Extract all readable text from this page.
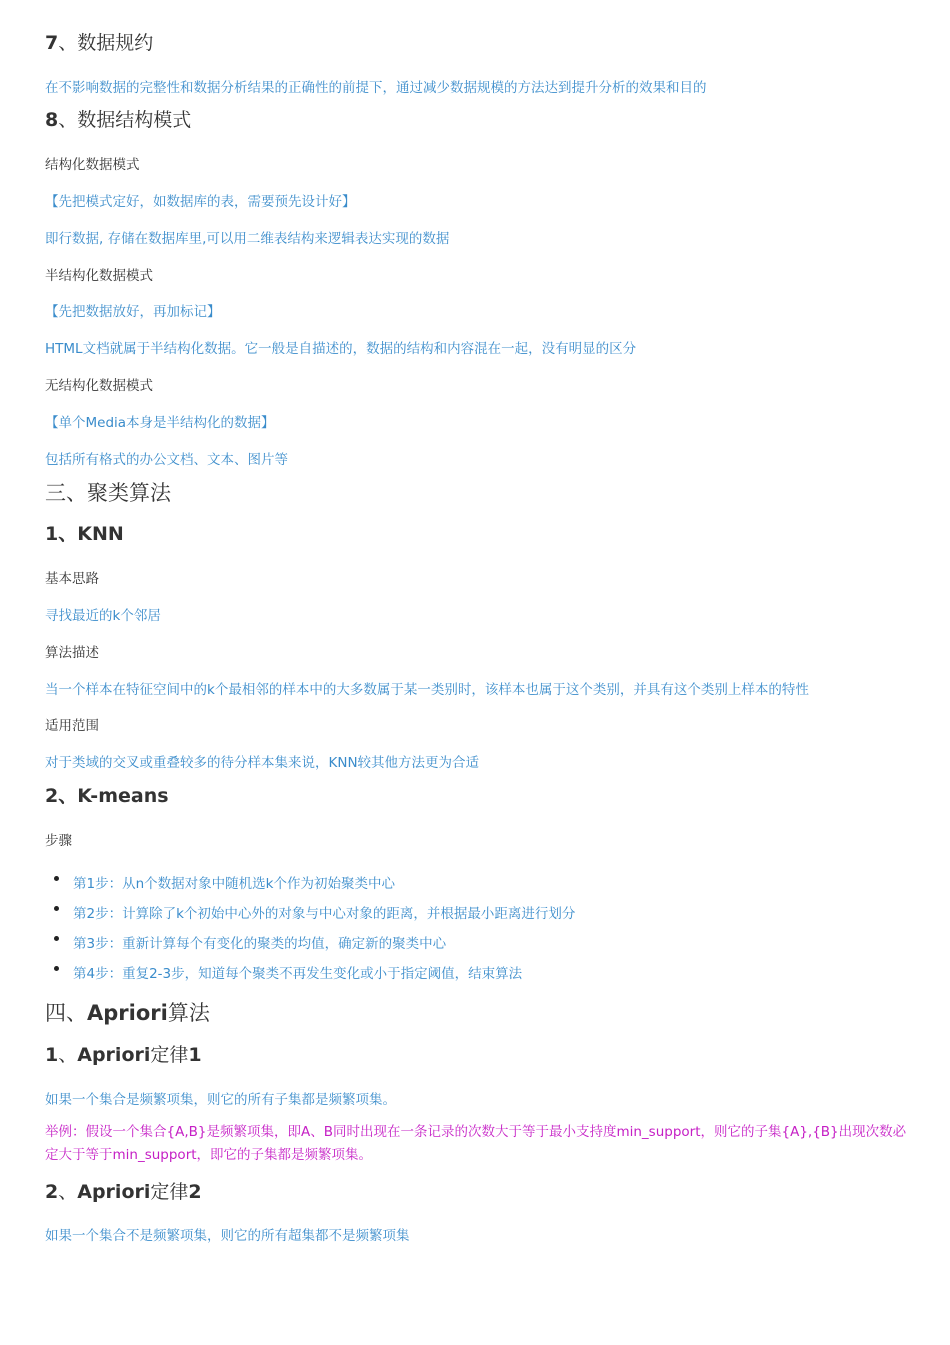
7、数据规约
在不影响数据的完整性和数据分析结果的正确性的前提下，通过减少数据规模的方法达到提升分析的效果和目的
8、数据结构模式
结构化数据模式
【先把模式定好，如数据库的表，需要预先设计好】
即行数据, 存储在数据库里,可以用二维表结构来逻辑表达实现的数据
半结构化数据模式
【先把数据放好，再加标记】
HTML文档就属于半结构化数据。它一般是自描述的，数据的结构和内容混在一起，没有明显的区分
无结构化数据模式
【单个Media本身是半结构化的数据】
包括所有格式的办公文档、文本、图片等
三、聚类算法
1、KNN
基本思路
寻找最近的k个邻居
算法描述
当一个样本在特征空间中的k个最相邻的样本中的大多数属于某一类别时，该样本也属于这个类别，并具有这个类别上样本的特性
适用范围
对于类域的交叉或重叠较多的待分样本集来说，KNN较其他方法更为合适
2、K-means
步骤
第1步：从n个数据对象中随机选k个作为初始聚类中心
第2步：计算除了k个初始中心外的对象与中心对象的距离，并根据最小距离进行划分
第3步：重新计算每个有变化的聚类的均值，确定新的聚类中心
第4步：重复2-3步，知道每个聚类不再发生变化或小于指定阈值，结束算法
四、Apriori算法
1、Apriori定律1
如果一个集合是频繁项集，则它的所有子集都是频繁项集。
举例：假设一个集合{A,B}是频繁项集，即A、B同时出现在一条记录的次数大于等于最小支持度min_support，则它的子集{A},{B}出现次数必定大于等于min_support，即它的子集都是频繁项集。
2、Apriori定律2
如果一个集合不是频繁项集，则它的所有超集都不是频繁项集
